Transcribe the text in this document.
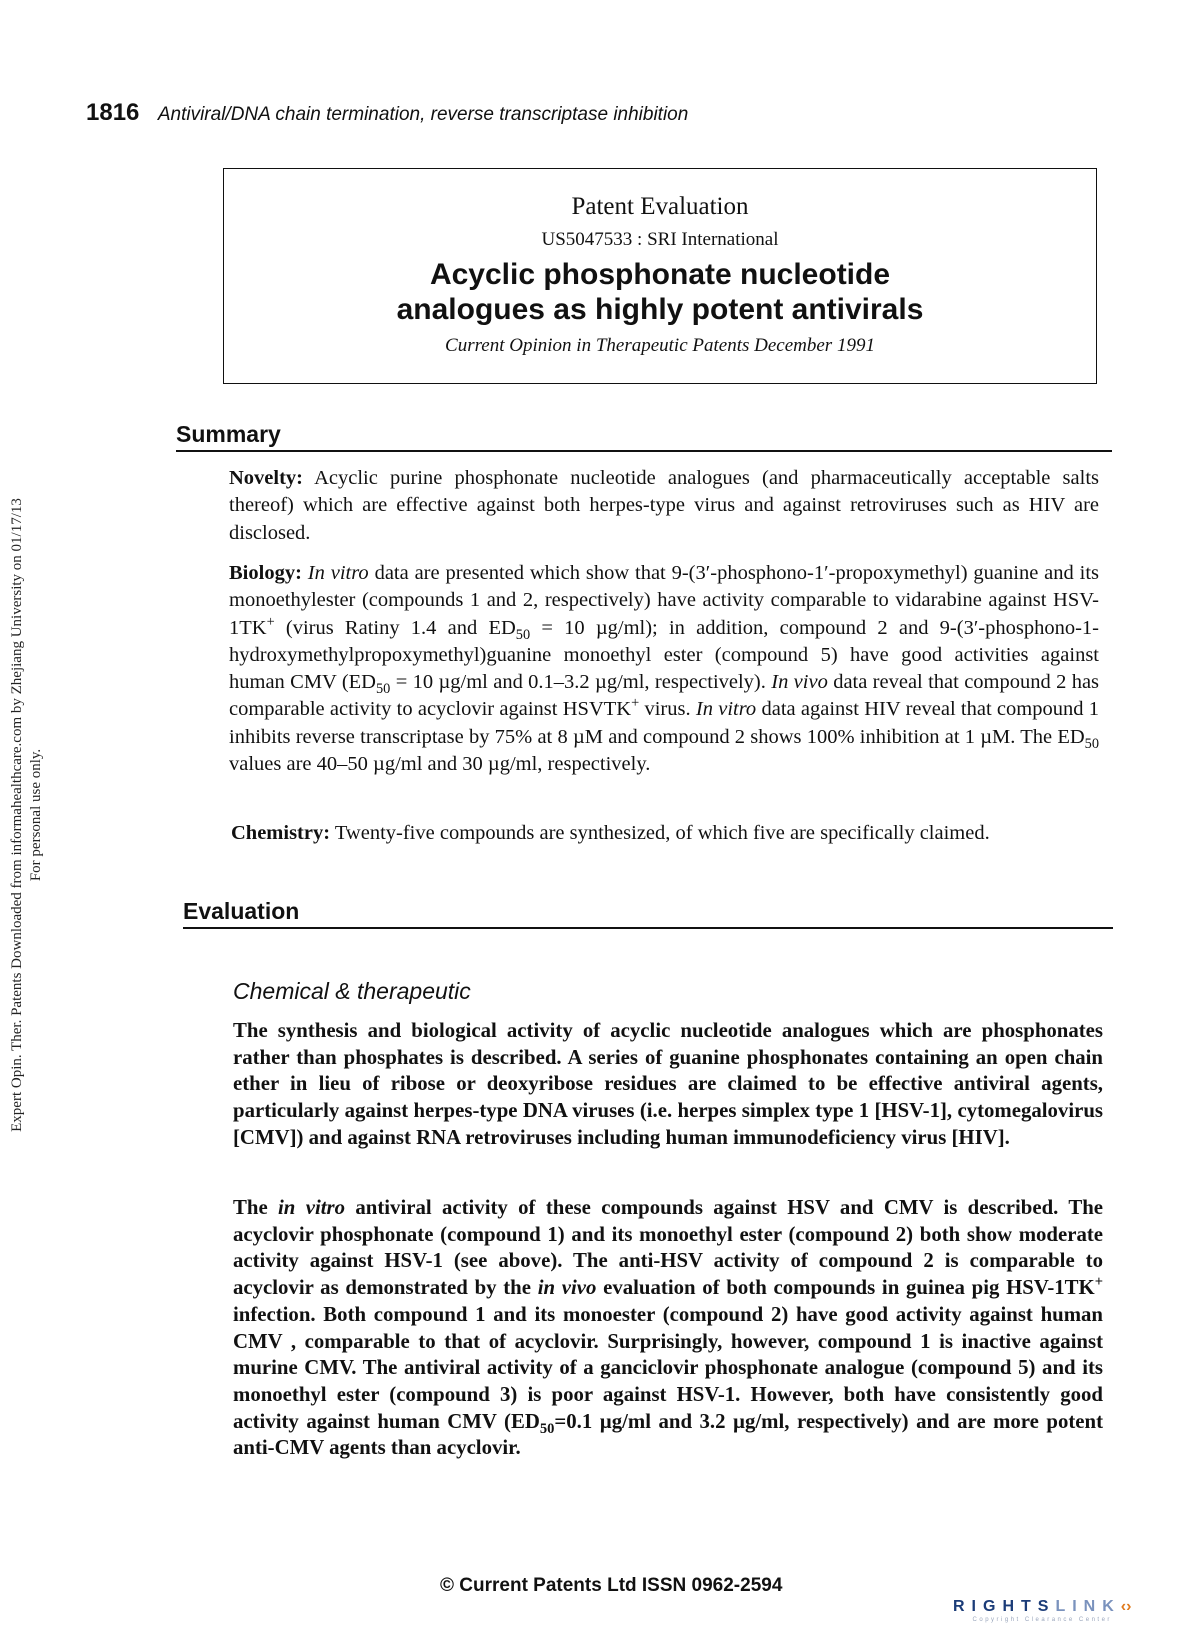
1816 Antiviral/DNA chain termination, reverse transcriptase inhibition
Patent Evaluation
US5047533 : SRI International
Acyclic phosphonate nucleotide
analogues as highly potent antivirals
Current Opinion in Therapeutic Patents December 1991
Summary

Novelty: Acyclic purine phosphonate nucleotide analogues (and pharmaceutically acceptable salts thereof) which are effective against both herpes-type virus and against retroviruses such as HIV are disclosed.

Biology: In vitro data are presented which show that 9-(3′-phosphono-1′-propoxymethyl) guanine and its monoethylester (compounds 1 and 2, respectively) have activity comparable to vidarabine against HSV-1TK+ (virus Ratiny 1.4 and $ED_{50} = 10$ µg/ml); in addition, compound 2 and 9-(3′-phosphono-1-hydroxymethylpropoxymethyl)guanine monoethyl ester (compound 5) have good activities against human CMV ($ED_{50} = 10$ µg/ml and 0.1–3.2 µg/ml, respectively). In vivo data reveal that compound 2 has comparable activity to acyclovir against HSVTK+ virus. In vitro data against HIV reveal that compound 1 inhibits reverse transcriptase by 75% at 8 µM and compound 2 shows 100% inhibition at 1 µM. The $ED_{50}$ values are 40–50 µg/ml and 30 µg/ml, respectively.

Chemistry: Twenty-five compounds are synthesized, of which five are specifically claimed.

Evaluation
Chemical & therapeutic

The synthesis and biological activity of acyclic nucleotide analogues which are phosphonates rather than phosphates is described. A series of guanine phosphonates containing an open chain ether in lieu of ribose or deoxyribose residues are claimed to be effective antiviral agents, particularly against herpes-type DNA viruses (i.e. herpes simplex type 1 [HSV-1], cytomegalovirus [CMV]) and against RNA retroviruses including human immunodeficiency virus [HIV].

The in vitro antiviral activity of these compounds against HSV and CMV is described. The acyclovir phosphonate (compound 1) and its monoethyl ester (compound 2) both show moderate activity against HSV-1 (see above). The anti-HSV activity of compound 2 is comparable to acyclovir as demonstrated by the in vivo evaluation of both compounds in guinea pig HSV-1TK+ infection. Both compound 1 and its monoester (compound 2) have good activity against human CMV , comparable to that of acyclovir. Surprisingly, however, compound 1 is inactive against murine CMV. The antiviral activity of a ganciclovir phosphonate analogue (compound 5) and its monoethyl ester (compound 3) is poor against HSV-1. However, both have consistently good activity against human CMV ($ED_{50}=0.1$ µg/ml and 3.2 µg/ml, respectively) and are more potent anti-CMV agents than acyclovir.

Expert Opin. Ther. Patents Downloaded from informahealthcare.com by Zhejiang University on 01/17/13 For personal use only.
© Current Patents Ltd ISSN 0962-2594
RIGHTSLINK‹›
Copyright Clearance Center
